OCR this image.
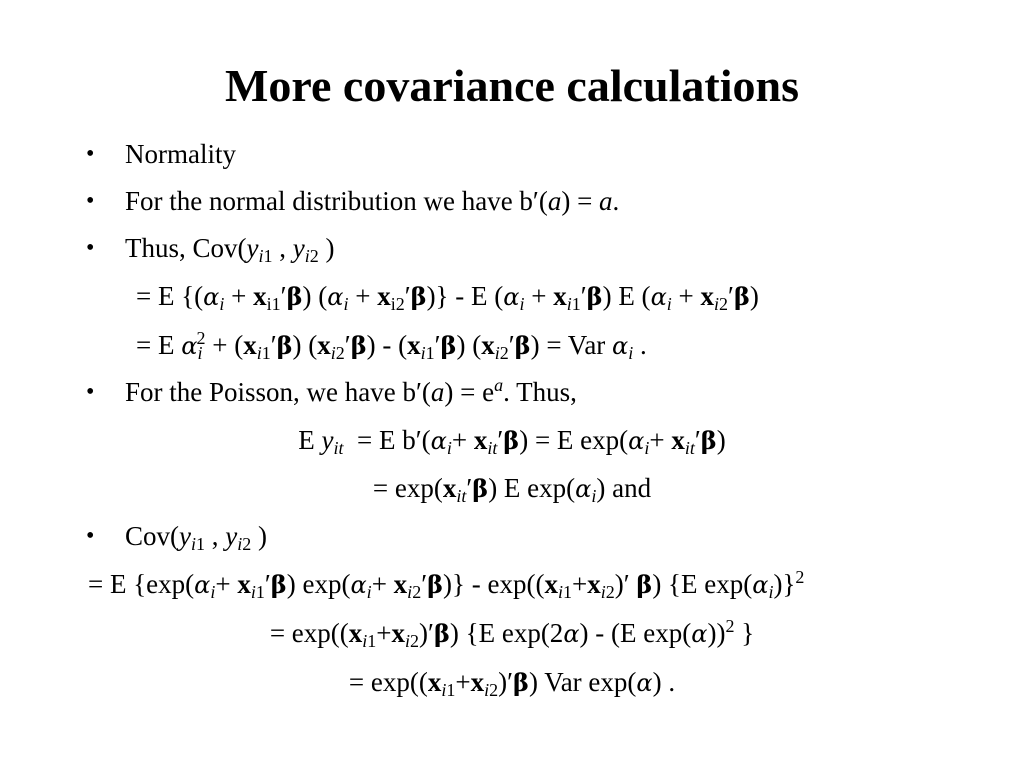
More covariance calculations
• Normality
• For the normal distribution we have b′(a) = a.
• Thus, Cov(yi1 , yi2 )
= E {(αi + xi1′β) (αi + xi2′β)} - E (αi + xi1′β) E (αi + xi2′β)
= E $\alpha i^2 + (xi1'\beta)$ (xi2′β) - (xi1′β) (xi2′β) = Var αi .
• For the Poisson, we have $b'(a) = e^a$. Thus,
E yit  = E b′(αi+ xit′β) = E exp(αi+ xit′β)
= exp(xit′β) E exp(αi) and
• Cov(yi1 , yi2 )
= E {exp(αi+ xi1′β) exp(αi+ xi2′β)} - exp((xi1+xi2)′ β) {E exp(αi)}$^2$
= exp((xi1+xi2)′β) {E exp(2α) - (E exp(α))$^2$ }
= exp((xi1+xi2)′β) Var exp(α) .
